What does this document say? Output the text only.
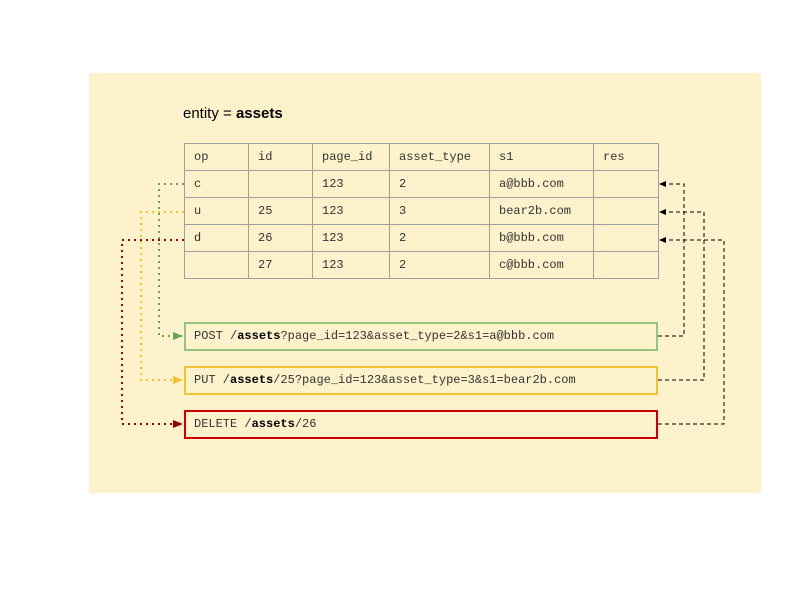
entity = assets
op	id	page_id	asset_type	s1	res
c		123	2	a@bbb.com	
u	25	123	3	bear2b.com	
d	26	123	2	b@bbb.com	
	27	123	2	c@bbb.com	
POST /assets?page_id=123&asset_type=2&s1=a@bbb.com
PUT /assets/25?page_id=123&asset_type=3&s1=bear2b.com
DELETE /assets/26
